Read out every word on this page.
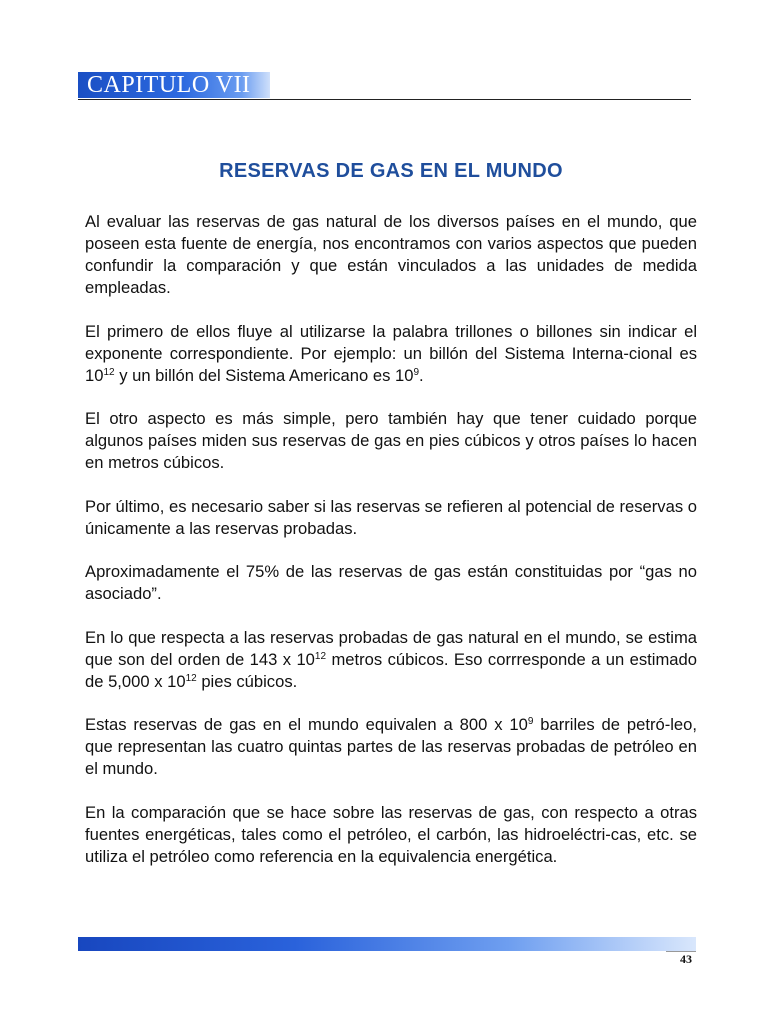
CAPITULO VII
RESERVAS DE GAS EN EL MUNDO

Al evaluar las reservas de gas natural de los diversos países en el mundo, que poseen esta fuente de energía, nos encontramos con varios aspectos que pueden confundir la comparación y que están vinculados a las unidades de medida empleadas.

El primero de ellos fluye al utilizarse la palabra trillones o billones sin indicar el exponente correspondiente. Por ejemplo: un billón del Sistema Interna-cional es $10^{12}$ y un billón del Sistema Americano es $10^9$.

El otro aspecto es más simple, pero también hay que tener cuidado porque algunos países miden sus reservas de gas en pies cúbicos y otros países lo hacen en metros cúbicos.

Por último, es necesario saber si las reservas se refieren al potencial de reservas o únicamente a las reservas probadas.

Aproximadamente el 75% de las reservas de gas están constituidas por “gas no asociado”.

En lo que respecta a las reservas probadas de gas natural en el mundo, se estima que son del orden de 143 x $10^{12}$ metros cúbicos. Eso corrresponde a un estimado de 5,000 x $10^{12}$ pies cúbicos.

Estas reservas de gas en el mundo equivalen a 800 x $10^9$ barriles de petró-leo, que representan las cuatro quintas partes de las reservas probadas de petróleo en el mundo.

En la comparación que se hace sobre las reservas de gas, con respecto a otras fuentes energéticas, tales como el petróleo, el carbón, las hidroeléctri-cas, etc. se utiliza el petróleo como referencia en la equivalencia energética.

43
